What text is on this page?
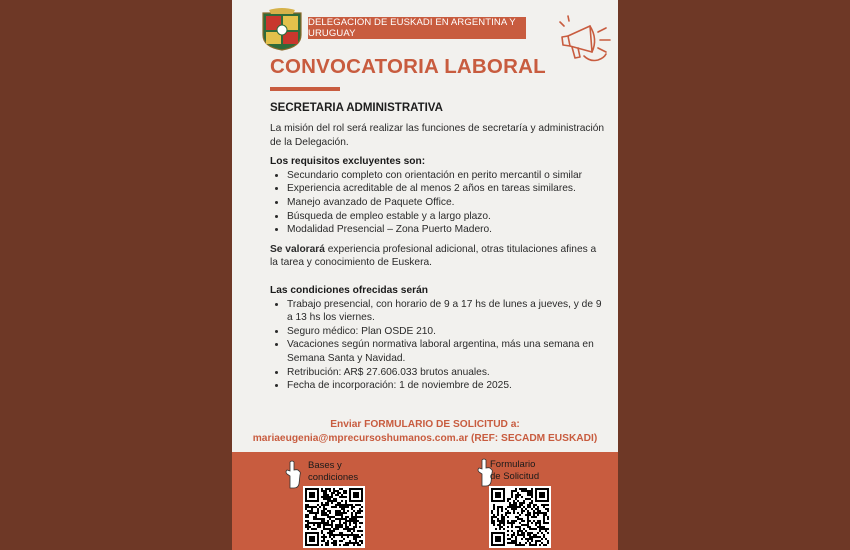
DELEGACION DE EUSKADI EN ARGENTINA Y URUGUAY
CONVOCATORIA LABORAL
SECRETARIA ADMINISTRATIVA

La misión del rol será realizar las funciones de secretaría y administración de la Delegación.

Los requisitos excluyentes son:

• Secundario completo con orientación en perito mercantil o similar
• Experiencia acreditable de al menos 2 años en tareas similares.
• Manejo avanzado de Paquete Office.
• Búsqueda de empleo estable y a largo plazo.
• Modalidad Presencial – Zona Puerto Madero.

Se valorará experiencia profesional adicional, otras titulaciones afines a la tarea y conocimiento de Euskera.

Las condiciones ofrecidas serán

• Trabajo presencial, con horario de 9 a 17 hs de lunes a jueves, y de 9 a 13 hs los viernes.
• Seguro médico: Plan OSDE 210.
• Vacaciones según normativa laboral argentina, más una semana en Semana Santa y Navidad.
• Retribución: AR$ 27.606.033 brutos anuales.
• Fecha de incorporación: 1 de noviembre de 2025.
Enviar FORMULARIO DE SOLICITUD a:
mariaeugenia@mprecursoshumanos.com.ar (REF: SECADM EUSKADI)
Bases y
condiciones
Formulario
de Solicitud
